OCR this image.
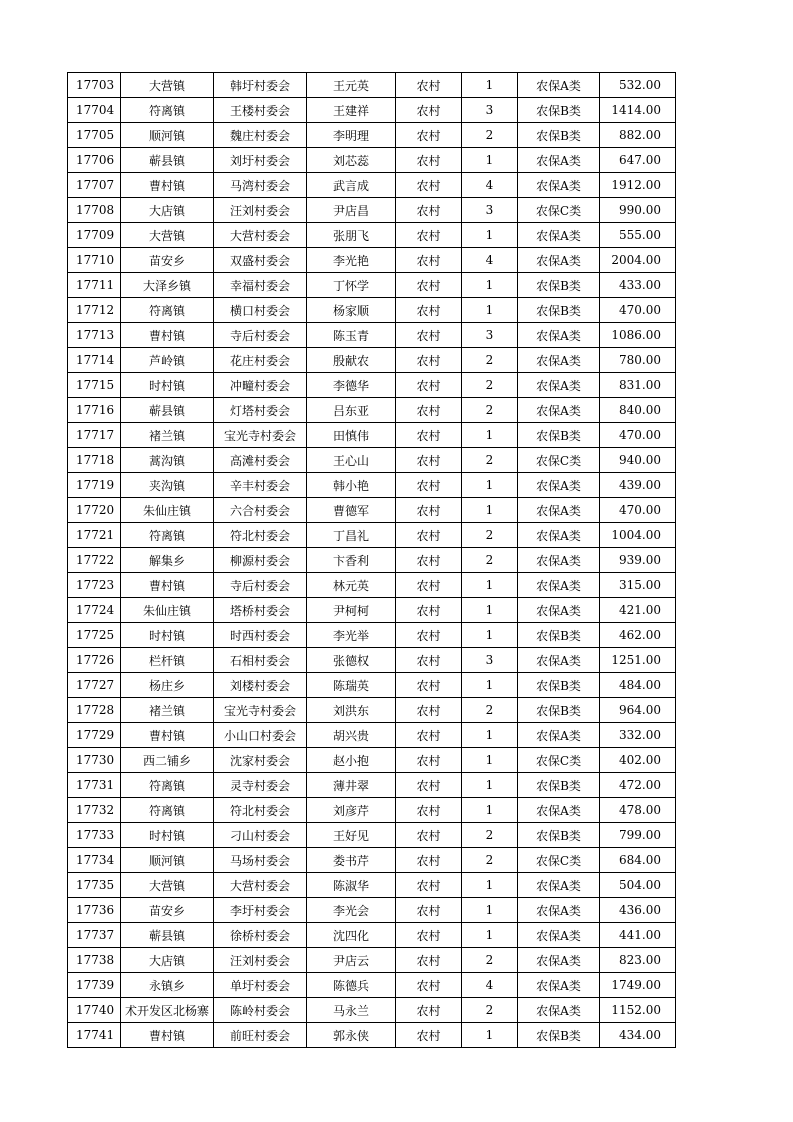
17703	大营镇	韩圩村委会	王元英	农村	1	农保A类	532.00
17704	符离镇	王楼村委会	王建祥	农村	3	农保B类	1414.00
17705	顺河镇	魏庄村委会	李明理	农村	2	农保B类	882.00
17706	蕲县镇	刘圩村委会	刘芯蕊	农村	1	农保A类	647.00
17707	曹村镇	马湾村委会	武言成	农村	4	农保A类	1912.00
17708	大店镇	汪刘村委会	尹店昌	农村	3	农保C类	990.00
17709	大营镇	大营村委会	张朋飞	农村	1	农保A类	555.00
17710	苗安乡	双盛村委会	李光艳	农村	4	农保A类	2004.00
17711	大泽乡镇	幸福村委会	丁怀学	农村	1	农保B类	433.00
17712	符离镇	横口村委会	杨家顺	农村	1	农保B类	470.00
17713	曹村镇	寺后村委会	陈玉青	农村	3	农保A类	1086.00
17714	芦岭镇	花庄村委会	殷献农	农村	2	农保A类	780.00
17715	时村镇	冲疃村委会	李德华	农村	2	农保A类	831.00
17716	蕲县镇	灯塔村委会	吕东亚	农村	2	农保A类	840.00
17717	褚兰镇	宝光寺村委会	田慎伟	农村	1	农保B类	470.00
17718	蒿沟镇	高滩村委会	王心山	农村	2	农保C类	940.00
17719	夹沟镇	辛丰村委会	韩小艳	农村	1	农保A类	439.00
17720	朱仙庄镇	六合村委会	曹德军	农村	1	农保A类	470.00
17721	符离镇	符北村委会	丁昌礼	农村	2	农保A类	1004.00
17722	解集乡	柳源村委会	卞香利	农村	2	农保A类	939.00
17723	曹村镇	寺后村委会	林元英	农村	1	农保A类	315.00
17724	朱仙庄镇	塔桥村委会	尹柯柯	农村	1	农保A类	421.00
17725	时村镇	时西村委会	李光举	农村	1	农保B类	462.00
17726	栏杆镇	石相村委会	张德权	农村	3	农保A类	1251.00
17727	杨庄乡	刘楼村委会	陈瑞英	农村	1	农保B类	484.00
17728	褚兰镇	宝光寺村委会	刘洪东	农村	2	农保B类	964.00
17729	曹村镇	小山口村委会	胡兴贵	农村	1	农保A类	332.00
17730	西二铺乡	沈家村委会	赵小抱	农村	1	农保C类	402.00
17731	符离镇	灵寺村委会	薄井翠	农村	1	农保B类	472.00
17732	符离镇	符北村委会	刘彦芹	农村	1	农保A类	478.00
17733	时村镇	刁山村委会	王好见	农村	2	农保B类	799.00
17734	顺河镇	马场村委会	娄书芹	农村	2	农保C类	684.00
17735	大营镇	大营村委会	陈淑华	农村	1	农保A类	504.00
17736	苗安乡	李圩村委会	李光会	农村	1	农保A类	436.00
17737	蕲县镇	徐桥村委会	沈四化	农村	1	农保A类	441.00
17738	大店镇	汪刘村委会	尹店云	农村	2	农保A类	823.00
17739	永镇乡	单圩村委会	陈德兵	农村	4	农保A类	1749.00
17740	术开发区北杨寨	陈岭村委会	马永兰	农村	2	农保A类	1152.00
17741	曹村镇	前旺村委会	郭永侠	农村	1	农保B类	434.00
